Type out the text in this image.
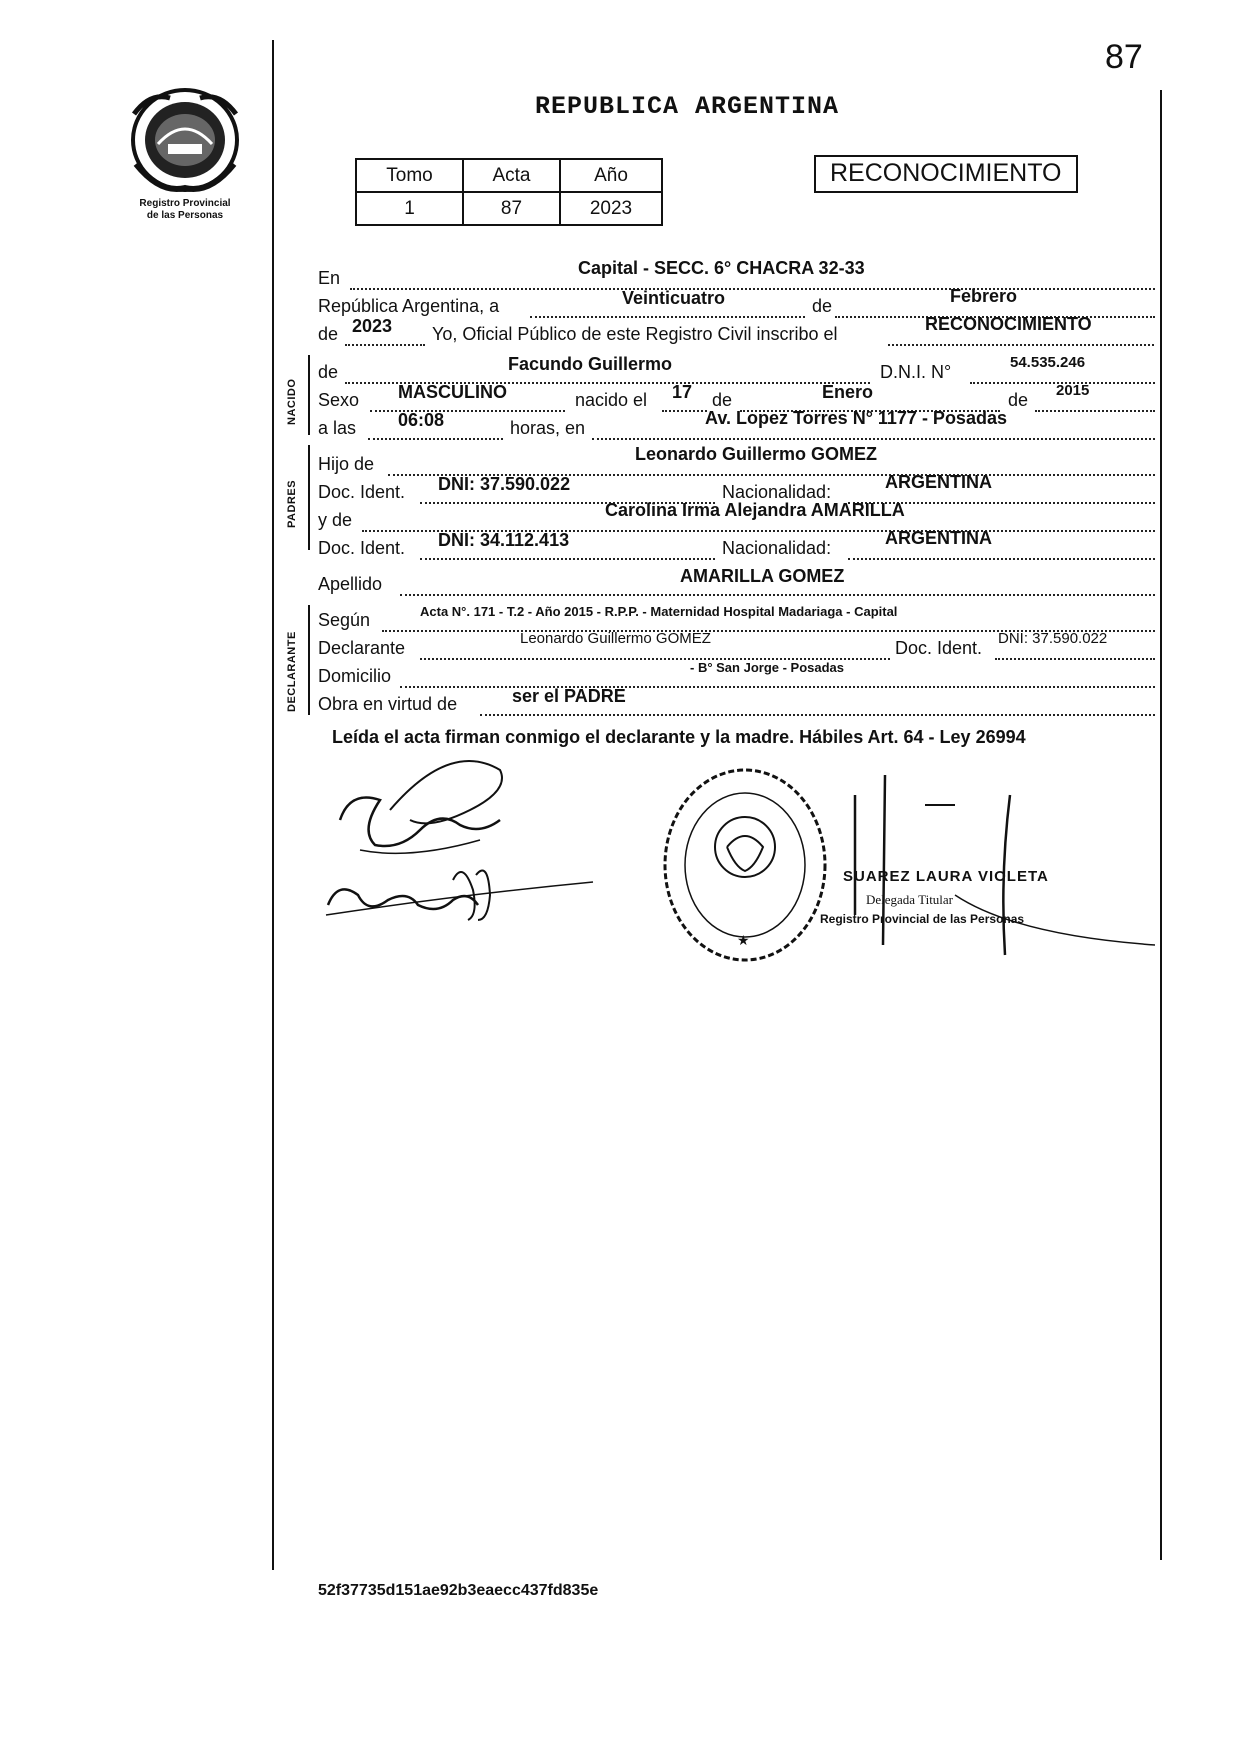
87
Registro Provincial
de las Personas
REPUBLICA ARGENTINA
Tomo	Acta	Año
1	87	2023
RECONOCIMIENTO
En	Capital - SECC. 6° CHACRA 32-33
República Argentina, a	Veinticuatro	de	Febrero
de 2023 Yo, Oficial Público de este Registro Civil inscribo el	RECONOCIMIENTO
NACIDO
de	Facundo Guillermo	D.N.I. N°	54.535.246
Sexo MASCULINO	nacido el 17 de	Enero	de 2015
a las 06:08	horas, en	Av. Lopez Torres N° 1177 - Posadas
PADRES
Hijo de	Leonardo Guillermo GOMEZ
Doc. Ident. DNI: 37.590.022	Nacionalidad:	ARGENTINA
y de	Carolina Irma Alejandra AMARILLA
Doc. Ident. DNI: 34.112.413	Nacionalidad:	ARGENTINA
Apellido	AMARILLA GOMEZ
DECLARANTE
Según	Acta N°. 171 - T.2 - Año 2015 - R.P.P. - Maternidad Hospital Madariaga - Capital
Declarante	Leonardo Guillermo GOMEZ	Doc. Ident. DNI: 37.590.022
Domicilio	- B° San Jorge - Posadas
Obra en virtud de	ser el PADRE
Leída el acta firman conmigo el declarante y la madre. Hábiles Art. 64 - Ley 26994
★
SUAREZ LAURA VIOLETA
Delegada Titular
Registro Provincial de las Personas
52f37735d151ae92b3eaecc437fd835e
